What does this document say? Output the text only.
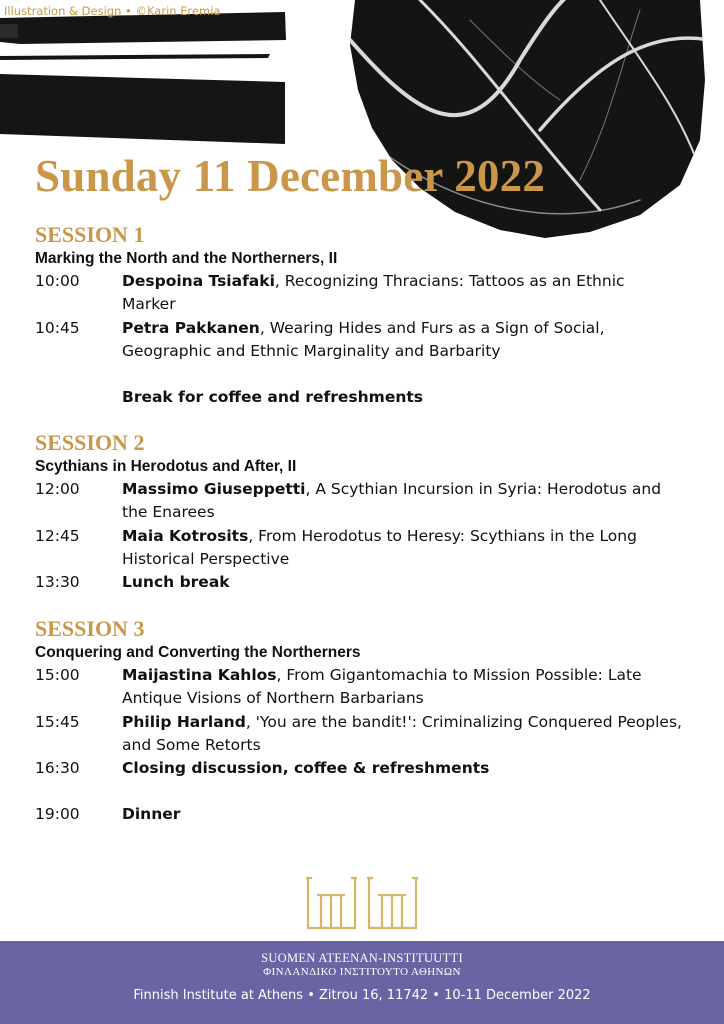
Illustration & Design • ©Karin Eremia
Sunday 11 December 2022
SESSION 1
Marking the North and the Northerners, II
10:00	Despoina Tsiafaki, Recognizing Thracians: Tattoos as an Ethnic Marker
10:45	Petra Pakkanen, Wearing Hides and Furs as a Sign of Social, Geographic and Ethnic Marginality and Barbarity
Break for coffee and refreshments
SESSION 2
Scythians in Herodotus and After, II
12:00	Massimo Giuseppetti, A Scythian Incursion in Syria: Herodotus and the Enarees
12:45	Maia Kotrosits, From Herodotus to Heresy: Scythians in the Long Historical Perspective
13:30	Lunch break
SESSION 3
Conquering and Converting the Northerners
15:00	Maijastina Kahlos, From Gigantomachia to Mission Possible: Late Antique Visions of Northern Barbarians
15:45	Philip Harland, 'You are the bandit!': Criminalizing Conquered Peoples, and Some Retorts
16:30	Closing discussion, coffee & refreshments
19:00	Dinner
SUOMEN ATEENAN-INSTITUUTTI
ΦΙΝΛΑΝΔΙΚΟ ΙΝΣΤΙΤΟΥΤΟ ΑΘΗΝΩΝ
Finnish Institute at Athens • Zitrou 16, 11742 • 10-11 December 2022
